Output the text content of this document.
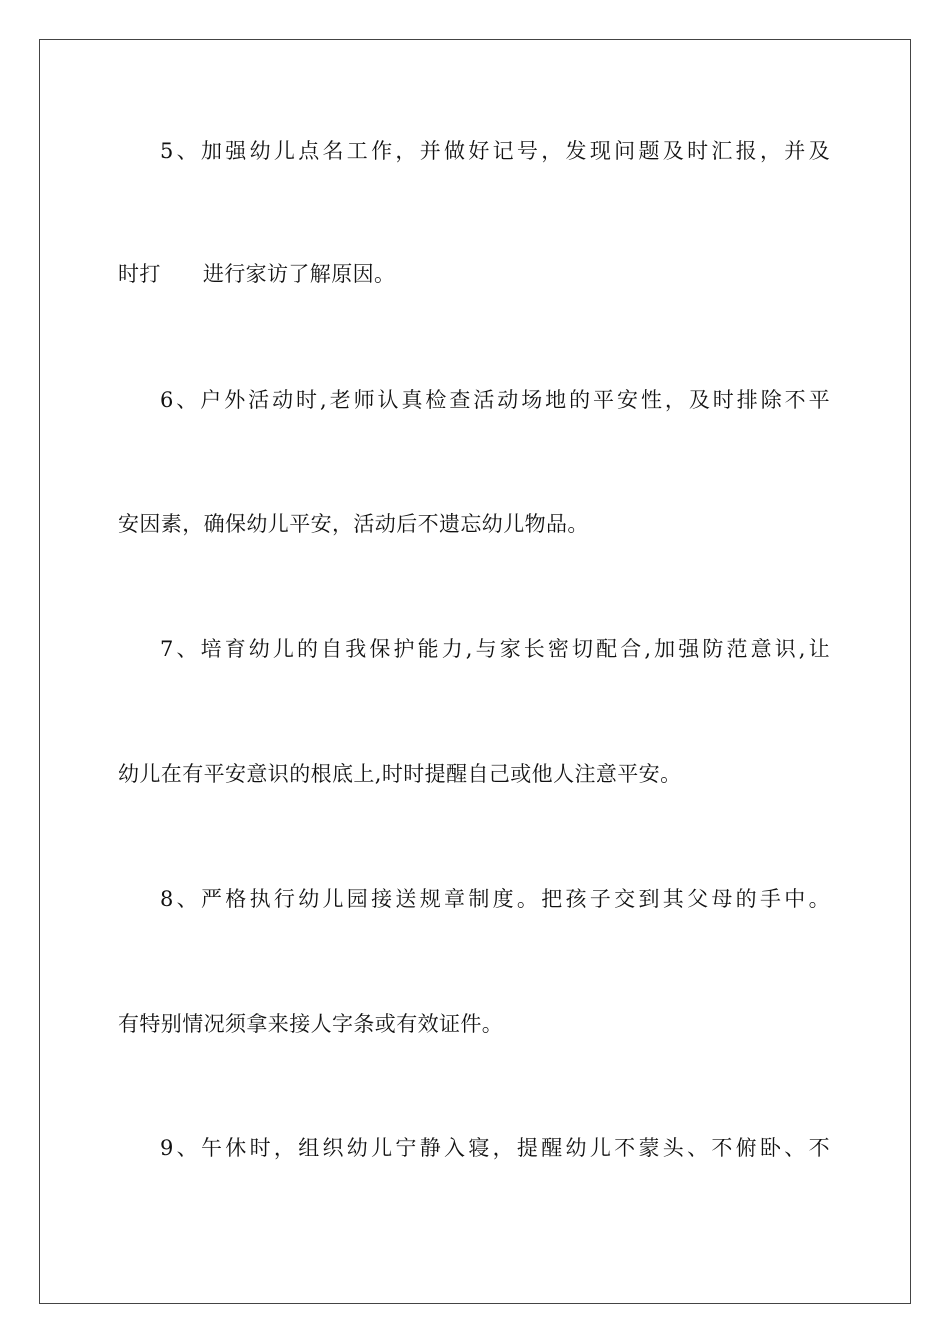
5、加强幼儿点名工作，并做好记号，发现问题及时汇报，并及
时打 进行家访了解原因。
6、户外活动时,老师认真检查活动场地的平安性，及时排除不平
安因素，确保幼儿平安，活动后不遗忘幼儿物品。
7、培育幼儿的自我保护能力,与家长密切配合,加强防范意识,让
幼儿在有平安意识的根底上,时时提醒自己或他人注意平安。
8、严格执行幼儿园接送规章制度。把孩子交到其父母的手中。
有特别情况须拿来接人字条或有效证件。
9、午休时，组织幼儿宁静入寝，提醒幼儿不蒙头、不俯卧、不
